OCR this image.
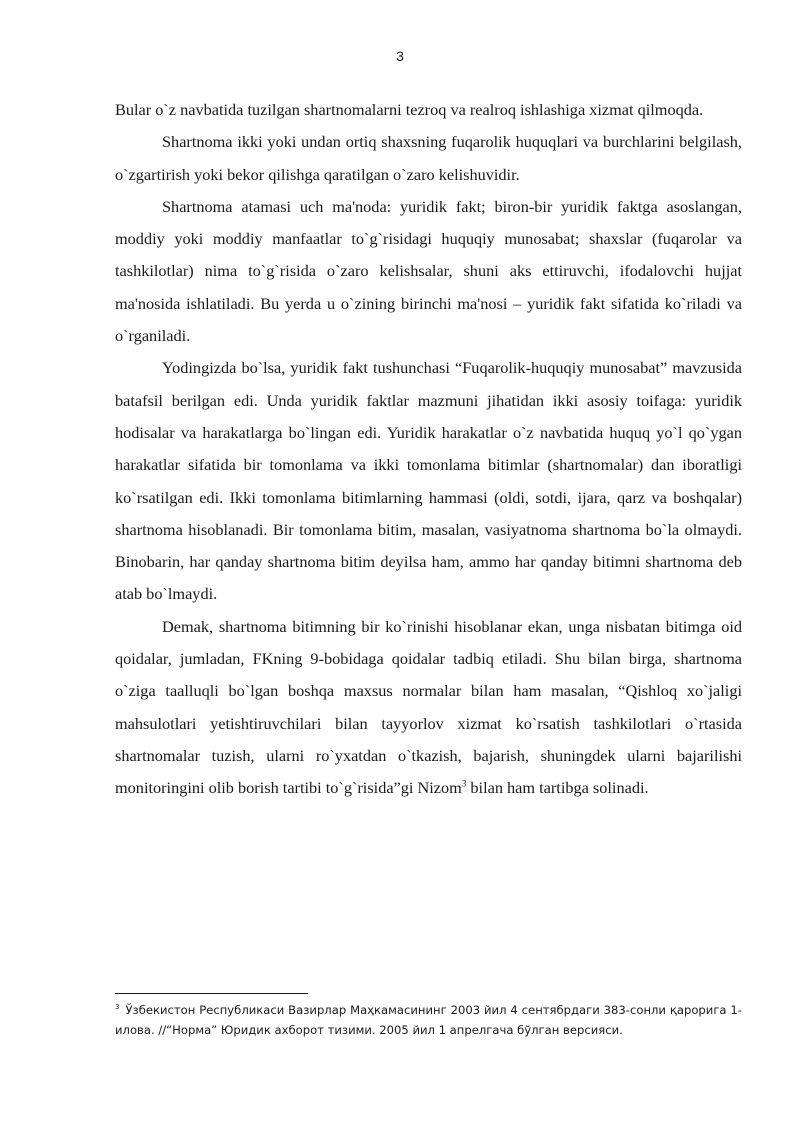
3

Bular o`z navbatida tuzilgan shartnomalarni tezroq va realroq ishlashiga xizmat qilmoqda.

Shartnoma ikki yoki undan ortiq shaxsning fuqarolik huquqlari va burchlarini belgilash, o`zgartirish yoki bekor qilishga qaratilgan o`zaro kelishuvidir.

Shartnoma atamasi uch ma'noda: yuridik fakt; biron-bir yuridik faktga asoslangan, moddiy yoki moddiy manfaatlar to`g`risidagi huquqiy munosabat; shaxslar (fuqarolar va tashkilotlar) nima to`g`risida o`zaro kelishsalar, shuni aks ettiruvchi, ifodalovchi hujjat ma'nosida ishlatiladi. Bu yerda u o`zining birinchi ma'nosi – yuridik fakt sifatida ko`riladi va o`rganiladi.

Yodingizda bo`lsa, yuridik fakt tushunchasi “Fuqarolik-huquqiy munosabat” mavzusida batafsil berilgan edi. Unda yuridik faktlar mazmuni jihatidan ikki asosiy toifaga: yuridik hodisalar va harakatlarga bo`lingan edi. Yuridik harakatlar o`z navbatida huquq yo`l qo`ygan harakatlar sifatida bir tomonlama va ikki tomonlama bitimlar (shartnomalar) dan iboratligi ko`rsatilgan edi. Ikki tomonlama bitimlarning hammasi (oldi, sotdi, ijara, qarz va boshqalar) shartnoma hisoblanadi. Bir tomonlama bitim, masalan, vasiyatnoma shartnoma bo`la olmaydi. Binobarin, har qanday shartnoma bitim deyilsa ham, ammo har qanday bitimni shartnoma deb atab bo`lmaydi.

Demak, shartnoma bitimning bir ko`rinishi hisoblanar ekan, unga nisbatan bitimga oid qoidalar, jumladan, FKning 9-bobidaga qoidalar tadbiq etiladi. Shu bilan birga, shartnoma o`ziga taalluqli bo`lgan boshqa maxsus normalar bilan ham masalan, “Qishloq xo`jaligi mahsulotlari yetishtiruvchilari bilan tayyorlov xizmat ko`rsatish tashkilotlari o`rtasida shartnomalar tuzish, ularni ro`yxatdan o`tkazish, bajarish, shuningdek ularni bajarilishi monitoringini olib borish tartibi to`g`risida”gi Nizom$^3$ bilan ham tartibga solinadi.

$^3$ Ўзбекистон Республикаси Вазирлар Маҳкамасининг 2003 йил 4 сентябрдаги 383-сонли қарорига 1-илова. //“Норма” Юридик ахборот тизими. 2005 йил 1 апрелгача бўлган версияси.
